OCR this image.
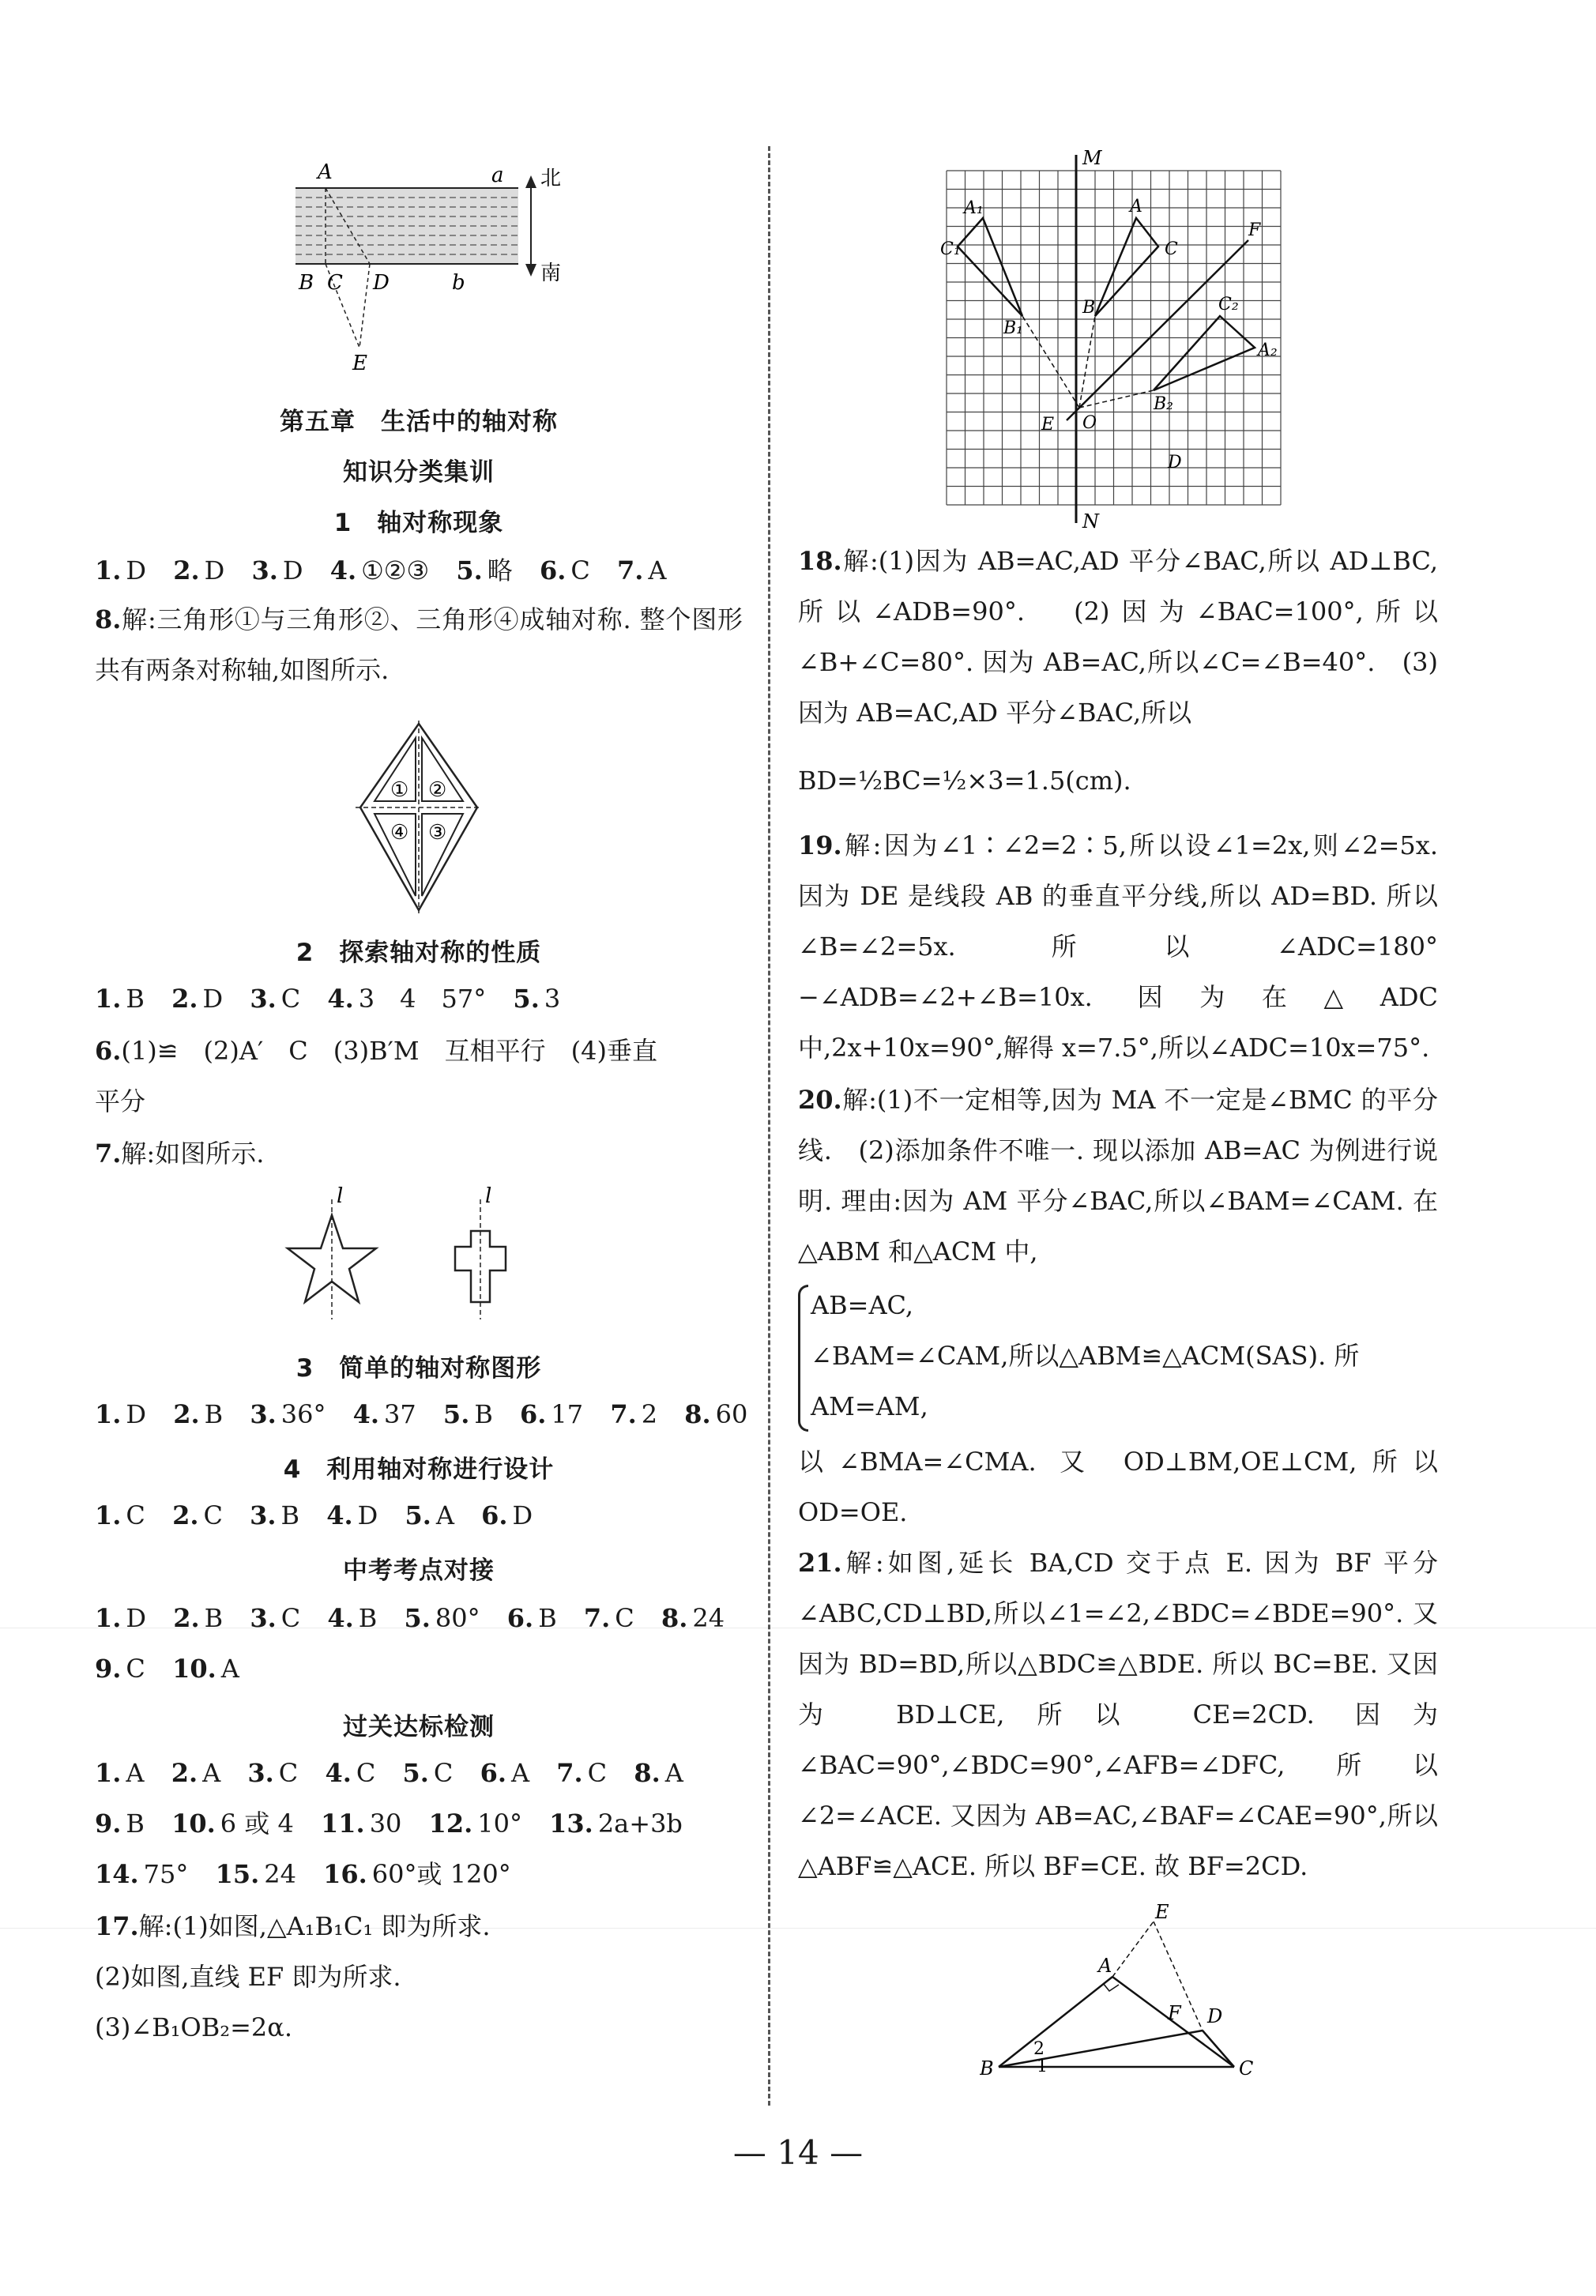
A	a 北
南
B C D	b
E
第五章　生活中的轴对称
知识分类集训
1　轴对称现象
1. D 2. D 3. D 4. ①②③ 5. 略 6. C 7. A
8.解:三角形①与三角形②、三角形④成轴对称. 整个图形共有两条对称轴,如图所示.
① ②
④ ③
2　探索轴对称的性质
1. B 2. D 3. C 4. 3　4　57° 5. 3
6.(1)≌　(2)A′　C　(3)B′M　互相平行　(4)垂直
平分
7.解:如图所示.
l	l
3　简单的轴对称图形
1. D 2. B 3. 36° 4. 37 5. B 6. 17 7. 2 8. 60
4　利用轴对称进行设计
1. C 2. C 3. B 4. D 5. A 6. D
中考考点对接
1. D 2. B 3. C 4. B 5. 80° 6. B 7. C 8. 24
9. C 10. A
过关达标检测
1. A 2. A 3. C 4. C 5. C 6. A 7. C 8. A
9. B 10. 6 或 4 11. 30 12. 10° 13. 2a+3b
14. 75° 15. 24 16. 60°或 120°
17.解:(1)如图,△A₁B₁C₁ 即为所求.
(2)如图,直线 EF 即为所求.
(3)∠B₁OB₂=2α.
M
N
A₁
C₁
A
C
F
B₁
B	C₂
A₂
B₂
E O
D
18.解:(1)因为 AB=AC,AD 平分∠BAC,所以 AD⊥BC,所以∠ADB=90°.　(2)因为∠BAC=100°,所以∠B+∠C=80°. 因为 AB=AC,所以∠C=∠B=40°.　(3)因为 AB=AC,AD 平分∠BAC,所以
BD=½BC=½×3=1.5(cm).
19.解:因为∠1∶∠2=2∶5,所以设∠1=2x,则∠2=5x. 因为 DE 是线段 AB 的垂直平分线,所以 AD=BD. 所以∠B=∠2=5x. 所以∠ADC=180°−∠ADB=∠2+∠B=10x. 因为在△ADC 中,2x+10x=90°,解得 x=7.5°,所以∠ADC=10x=75°.
20.解:(1)不一定相等,因为 MA 不一定是∠BMC 的平分线.　(2)添加条件不唯一. 现以添加 AB=AC 为例进行说明. 理由:因为 AM 平分∠BAC,所以∠BAM=∠CAM. 在△ABM 和△ACM 中,
AB=AC,
∠BAM=∠CAM,所以△ABM≌△ACM(SAS). 所
AM=AM,
以∠BMA=∠CMA. 又 OD⊥BM,OE⊥CM,所以 OD=OE.
21.解:如图,延长 BA,CD 交于点 E. 因为 BF 平分∠ABC,CD⊥BD,所以∠1=∠2,∠BDC=∠BDE=90°. 又因为 BD=BD,所以△BDC≌△BDE. 所以 BC=BE. 又因为 BD⊥CE,所以 CE=2CD. 因为∠BAC=90°,∠BDC=90°,∠AFB=∠DFC,所以∠2=∠ACE. 又因为 AB=AC,∠BAF=∠CAE=90°,所以△ABF≌△ACE. 所以 BF=CE. 故 BF=2CD.
E
A
F D
B	C
2
1
— 14 —
